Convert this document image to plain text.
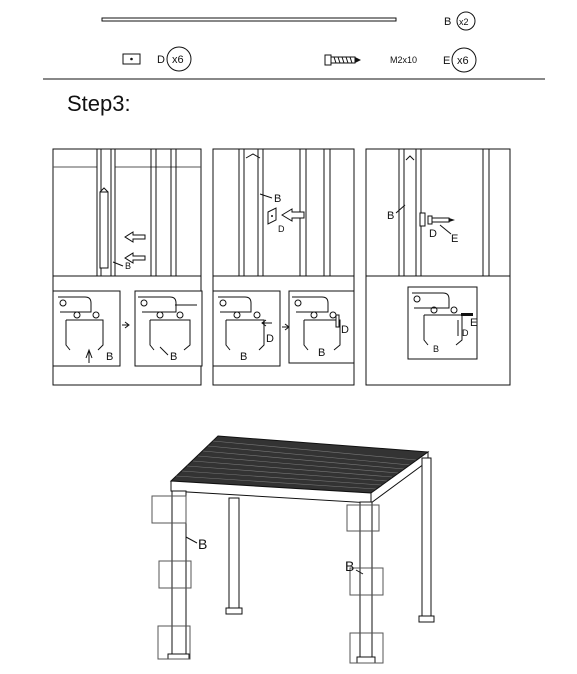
B x2
D x6	M2x10 E x6
Step3:
B
B	B
B
D
D
B
D
B
B
D E
E
D
B
B
B
